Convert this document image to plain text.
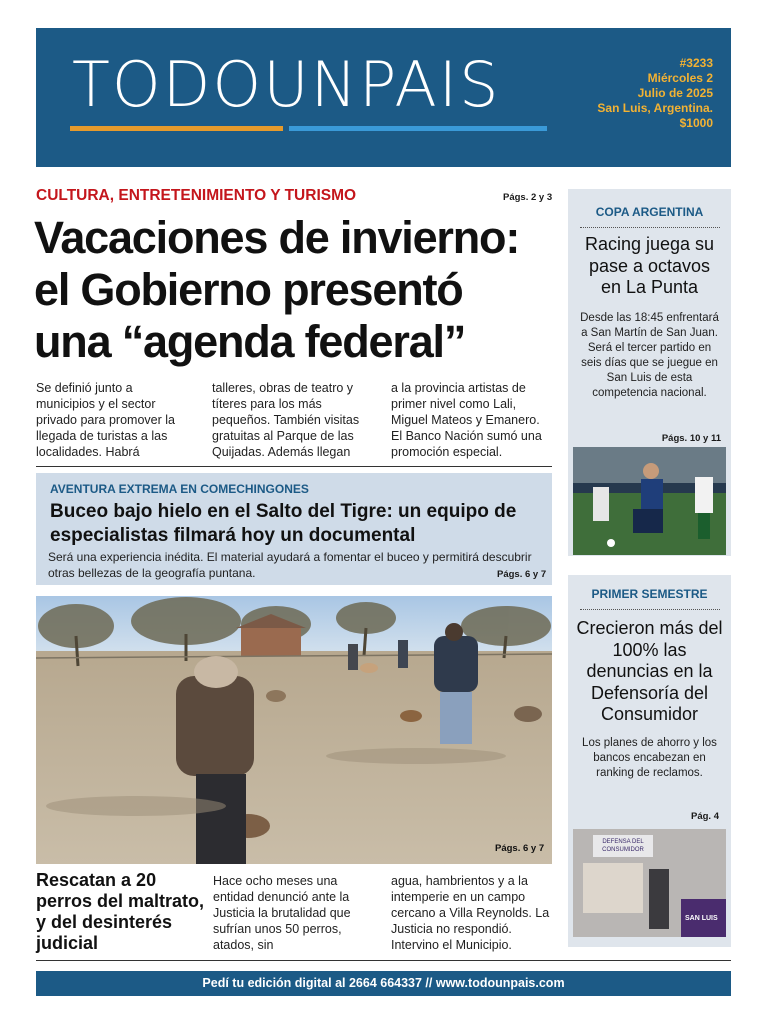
TODOUNPAIS	#3233
Miércoles 2
Julio de 2025
San Luis, Argentina.
$1000
CULTURA, ENTRETENIMIENTO Y TURISMO	Págs. 2 y 3
Vacaciones de invierno:
el Gobierno presentó
una “agenda federal”
Se definió junto a municipios y el sector privado para promover la llegada de turistas a las localidades. Habrá
talleres, obras de teatro y títeres para los más pequeños. También visitas gratuitas al Parque de las Quijadas. Además llegan
a la provincia artistas de primer nivel como Lali, Miguel Mateos y Emanero. El Banco Nación sumó una promoción especial.
AVENTURA EXTREMA EN COMECHINGONES
Buceo bajo hielo en el Salto del Tigre: un equipo de especialistas filmará hoy un documental
Será una experiencia inédita. El material ayudará a fomentar el buceo y permitirá descubrir otras bellezas de la geografía puntana.	Págs. 6 y 7
Págs. 6 y 7
Rescatan a 20 perros del maltrato, y del desinterés judicial
Hace ocho meses una entidad denunció ante la Justicia la brutalidad que sufrían unos 50 perros, atados, sin
agua, hambrientos y a la intemperie en un campo cercano a Villa Reynolds. La Justicia no respondió. Intervino el Municipio.
COPA ARGENTINA
Racing juega su pase a octavos en La Punta
Desde las 18:45 enfrentará a San Martín de San Juan. Será el tercer partido en seis días que se juegue en San Luis de esta competencia nacional.
Págs. 10 y 11
PRIMER SEMESTRE
Crecieron más del 100% las denuncias en la Defensoría del Consumidor
Los planes de ahorro y los bancos encabezan en ranking de reclamos.
Pág. 4
DEFENSA DEL
CONSUMIDOR
SAN LUIS
Pedí tu edición digital al 2664 664337 // www.todounpais.com
